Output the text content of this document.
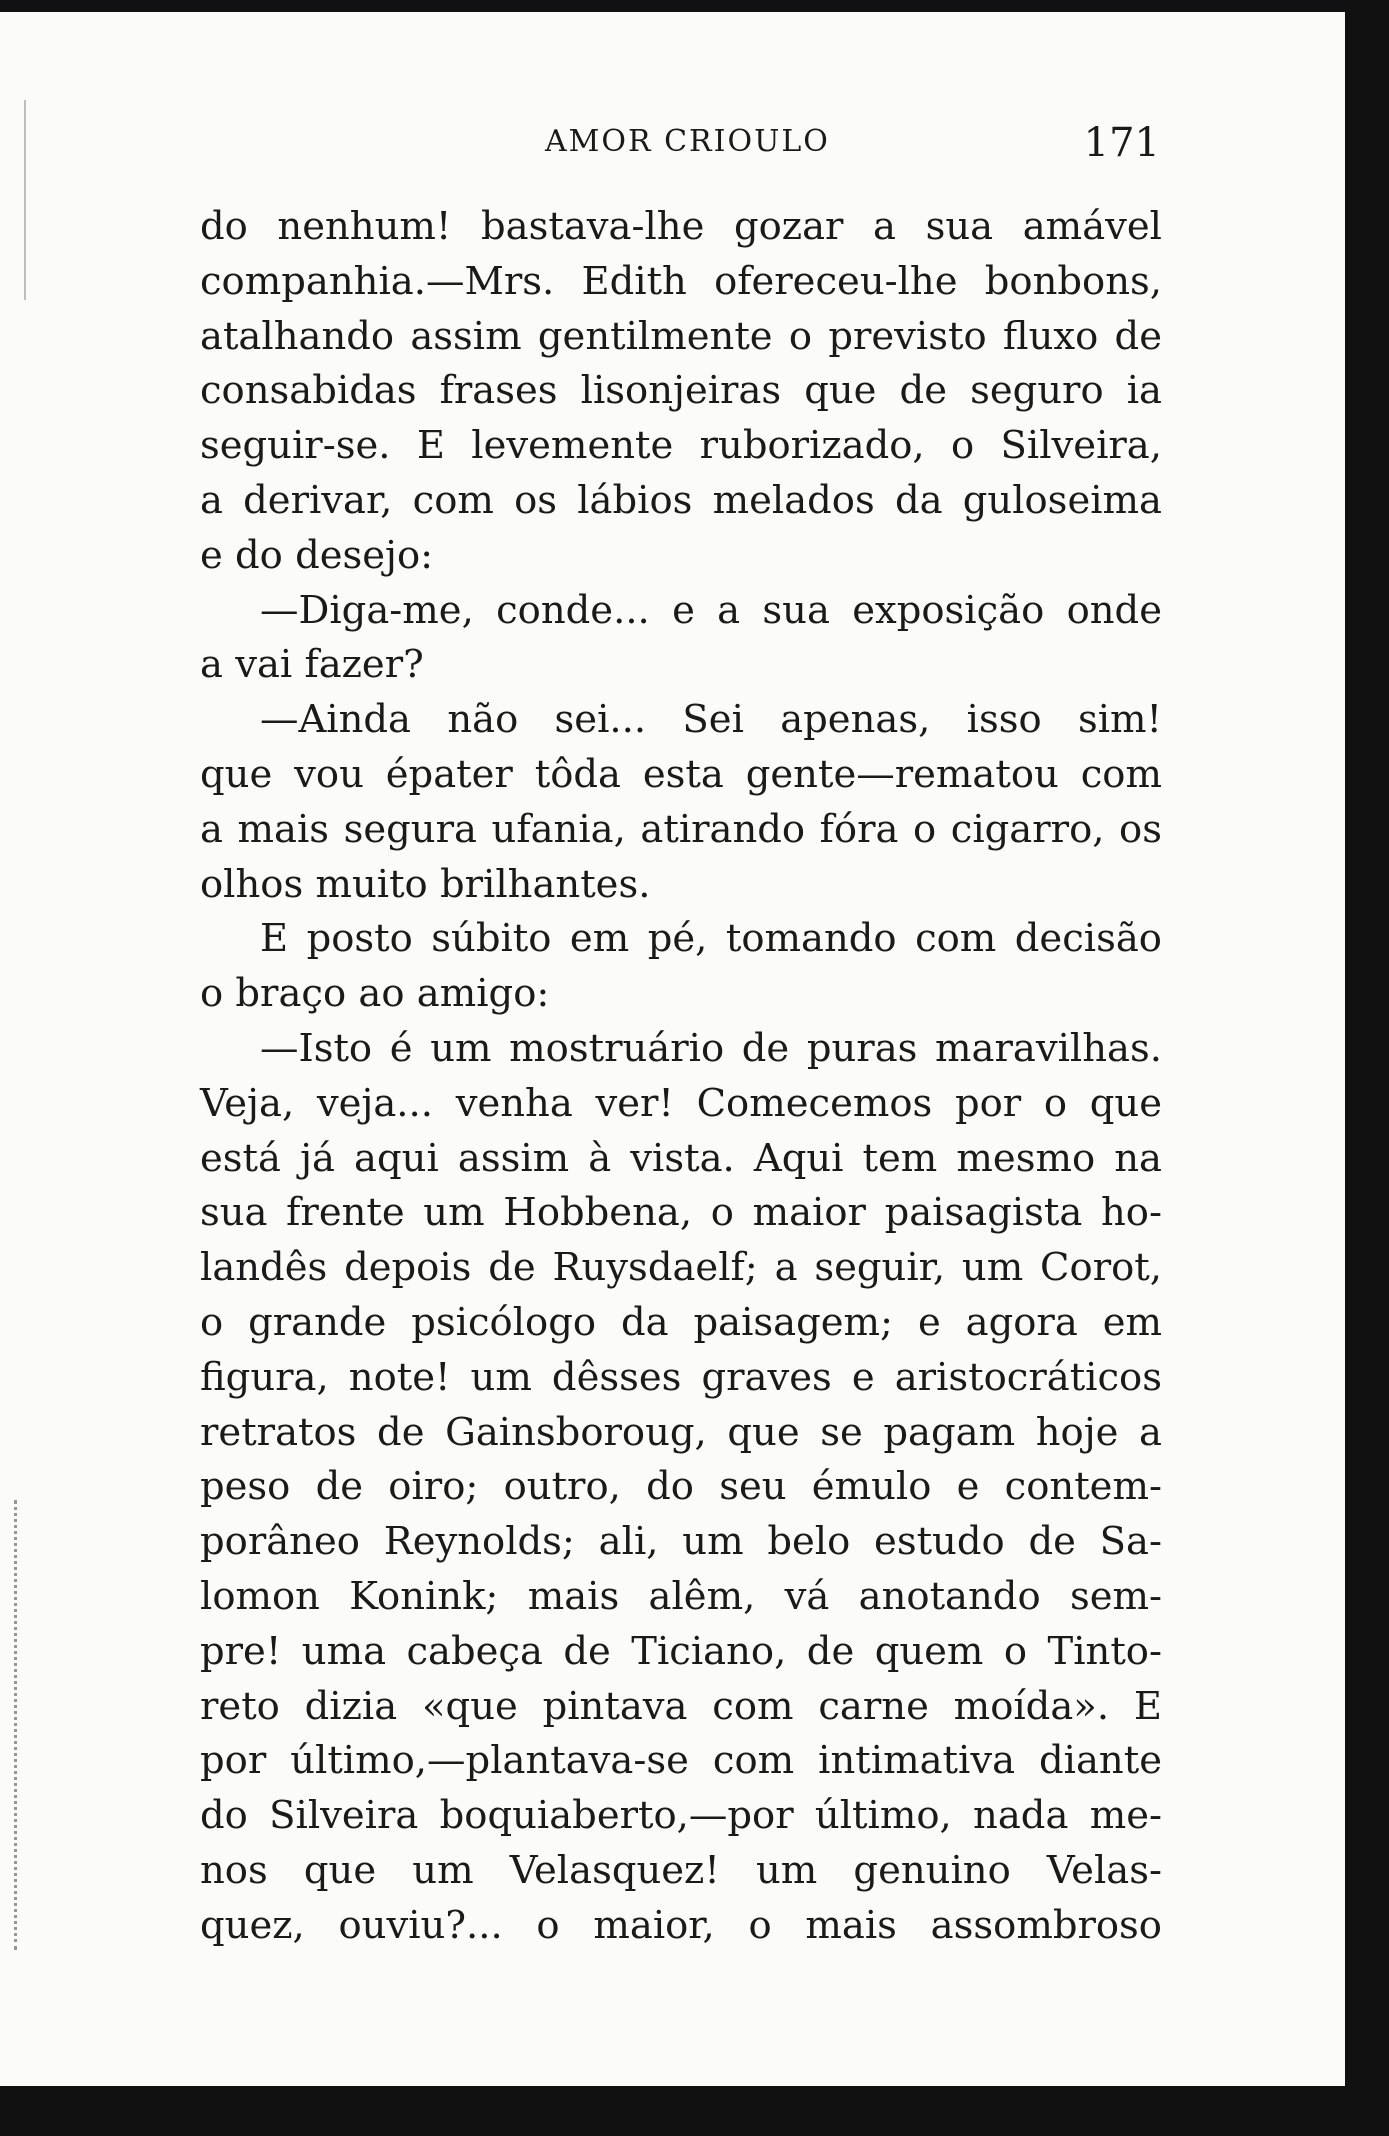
AMOR CRIOULO	171
do nenhum! bastava-lhe gozar a sua amável
companhia.—Mrs. Edith ofereceu-lhe bonbons,
atalhando assim gentilmente o previsto fluxo de
consabidas frases lisonjeiras que de seguro ia
seguir-se. E levemente ruborizado, o Silveira,
a derivar, com os lábios melados da guloseima
e do desejo:
—Diga-me, conde... e a sua exposição onde
a vai fazer?
—Ainda não sei... Sei apenas, isso sim!
que vou épater tôda esta gente—rematou com
a mais segura ufania, atirando fóra o cigarro, os
olhos muito brilhantes.
E posto súbito em pé, tomando com decisão
o braço ao amigo:
—Isto é um mostruário de puras maravilhas.
Veja, veja... venha ver! Comecemos por o que
está já aqui assim à vista. Aqui tem mesmo na
sua frente um Hobbena, o maior paisagista ho-
landês depois de Ruysdaelf; a seguir, um Corot,
o grande psicólogo da paisagem; e agora em
figura, note! um dêsses graves e aristocráticos
retratos de Gainsboroug, que se pagam hoje a
peso de oiro; outro, do seu émulo e contem-
porâneo Reynolds; ali, um belo estudo de Sa-
lomon Konink; mais alêm, vá anotando sem-
pre! uma cabeça de Ticiano, de quem o Tinto-
reto dizia «que pintava com carne moída». E
por último,—plantava-se com intimativa diante
do Silveira boquiaberto,—por último, nada me-
nos que um Velasquez! um genuino Velas-
quez, ouviu?... o maior, o mais assombroso
